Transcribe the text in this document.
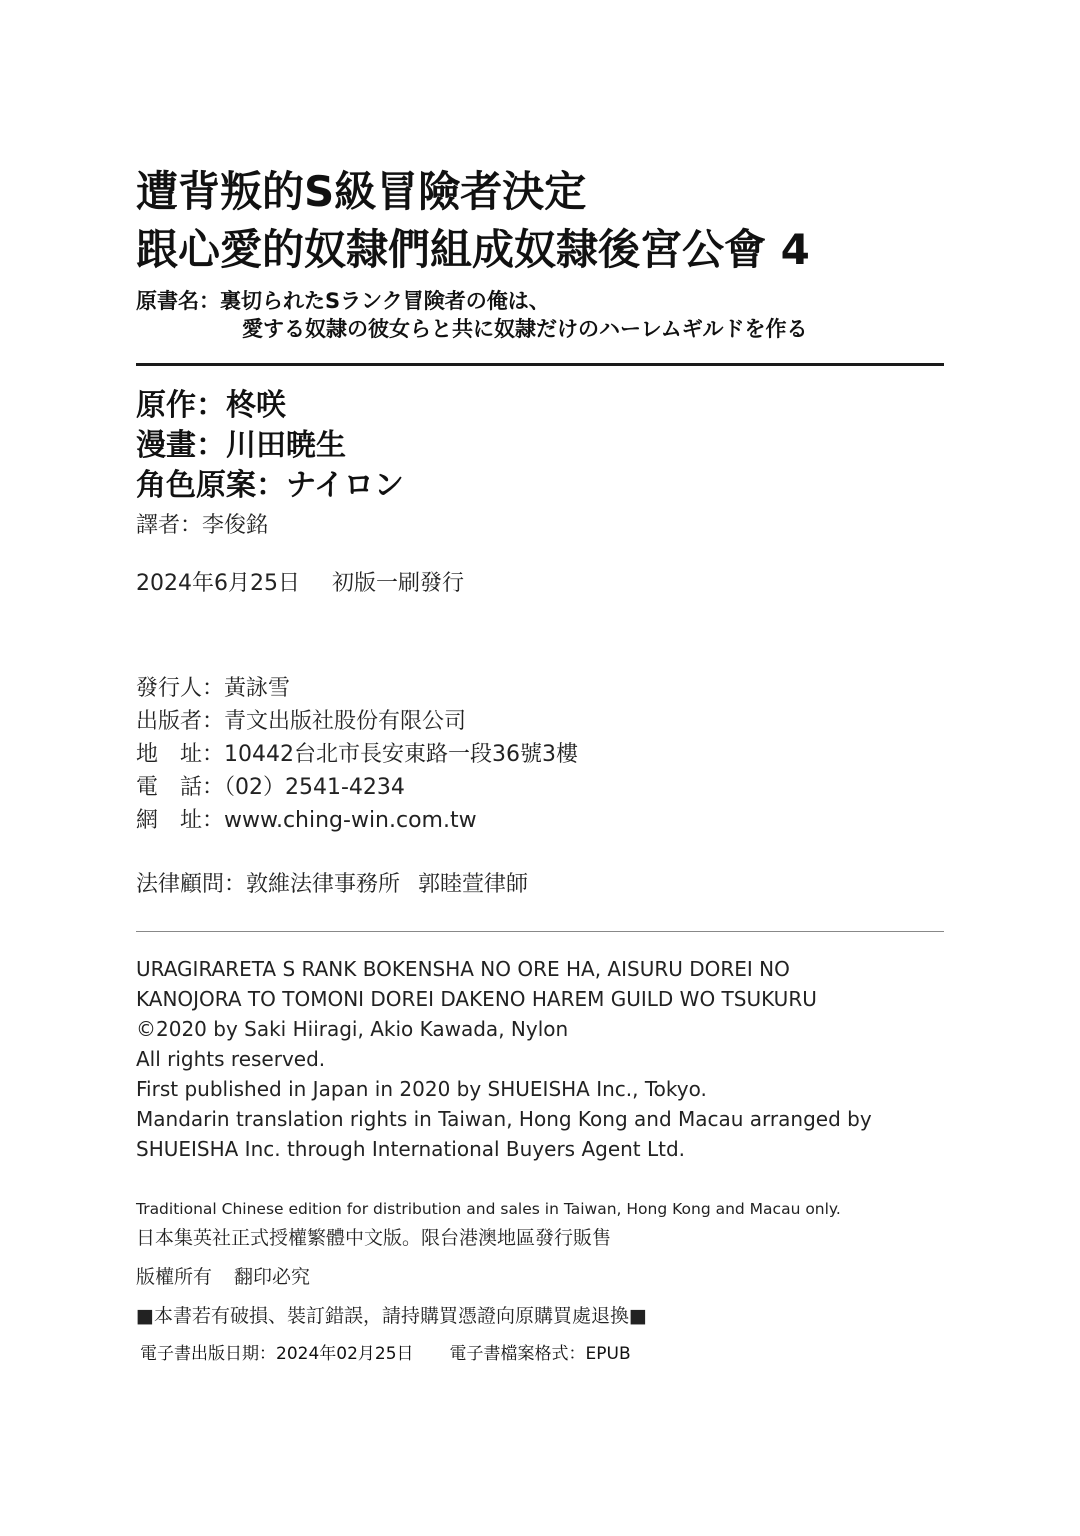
遭背叛的S級冒險者決定
跟心愛的奴隸們組成奴隸後宮公會 4
原書名：裏切られたSランク冒険者の俺は、
愛する奴隷の彼女らと共に奴隷だけのハーレムギルドを作る
原作：柊咲
漫畫：川田暁生
角色原案：ナイロン
譯者：李俊銘
2024年6月25日 初版一刷發行
發行人：黃詠雪
出版者：青文出版社股份有限公司
地　址：10442台北市長安東路一段36號3樓
電　話：（02）2541-4234
網　址：www.ching-win.com.tw
法律顧問：敦維法律事務所 郭睦萱律師
URAGIRARETA S RANK BOKENSHA NO ORE HA, AISURU DOREI NO
KANOJORA TO TOMONI DOREI DAKENO HAREM GUILD WO TSUKURU
©2020 by Saki Hiiragi, Akio Kawada, Nylon
All rights reserved.
First published in Japan in 2020 by SHUEISHA Inc., Tokyo.
Mandarin translation rights in Taiwan, Hong Kong and Macau arranged by
SHUEISHA Inc. through International Buyers Agent Ltd.
Traditional Chinese edition for distribution and sales in Taiwan, Hong Kong and Macau only.
日本集英社正式授權繁體中文版。限台港澳地區發行販售
版權所有 翻印必究
■本書若有破損、裝訂錯誤，請持購買憑證向原購買處退換■
電子書出版日期：2024年02月25日 電子書檔案格式：EPUB
